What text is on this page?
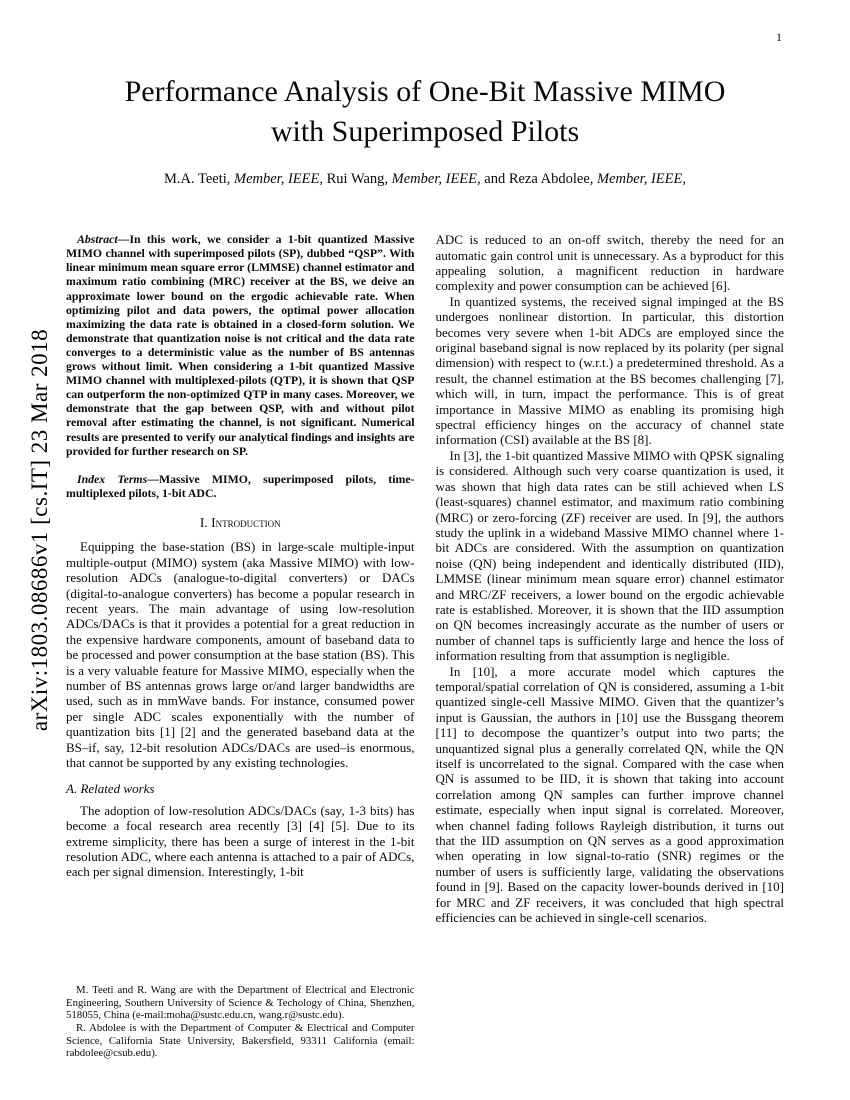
1
arXiv:1803.08686v1 [cs.IT] 23 Mar 2018
Performance Analysis of One-Bit Massive MIMO
with Superimposed Pilots
M.A. Teeti, Member, IEEE, Rui Wang, Member, IEEE, and Reza Abdolee, Member, IEEE,

Abstract—In this work, we consider a 1-bit quantized Massive MIMO channel with superimposed pilots (SP), dubbed “QSP”. With linear minimum mean square error (LMMSE) channel estimator and maximum ratio combining (MRC) receiver at the BS, we deive an approximate lower bound on the ergodic achievable rate. When optimizing pilot and data powers, the optimal power allocation maximizing the data rate is obtained in a closed-form solution. We demonstrate that quantization noise is not critical and the data rate converges to a deterministic value as the number of BS antennas grows without limit. When considering a 1-bit quantized Massive MIMO channel with multiplexed-pilots (QTP), it is shown that QSP can outperform the non-optimized QTP in many cases. Moreover, we demonstrate that the gap between QSP, with and without pilot removal after estimating the channel, is not significant. Numerical results are presented to verify our analytical findings and insights are provided for further research on SP.

Index Terms—Massive MIMO, superimposed pilots, time-multiplexed pilots, 1-bit ADC.

I. Introduction

Equipping the base-station (BS) in large-scale multiple-input multiple-output (MIMO) system (aka Massive MIMO) with low-resolution ADCs (analogue-to-digital converters) or DACs (digital-to-analogue converters) has become a popular research in recent years. The main advantage of using low-resolution ADCs/DACs is that it provides a potential for a great reduction in the expensive hardware components, amount of baseband data to be processed and power consumption at the base station (BS). This is a very valuable feature for Massive MIMO, especially when the number of BS antennas grows large or/and larger bandwidths are used, such as in mmWave bands. For instance, consumed power per single ADC scales exponentially with the number of quantization bits [1] [2] and the generated baseband data at the BS–if, say, 12-bit resolution ADCs/DACs are used–is enormous, that cannot be supported by any existing technologies.

A. Related works

The adoption of low-resolution ADCs/DACs (say, 1-3 bits) has become a focal research area recently [3] [4] [5]. Due to its extreme simplicity, there has been a surge of interest in the 1-bit resolution ADC, where each antenna is attached to a pair of ADCs, each per signal dimension. Interestingly, 1-bit

M. Teeti and R. Wang are with the Department of Electrical and Electronic Engineering, Southern University of Science & Techology of China, Shenzhen, 518055, China (e-mail:moha@sustc.edu.cn, wang.r@sustc.edu).

R. Abdolee is with the Department of Computer & Electrical and Computer Science, California State University, Bakersfield, 93311 California (email: rabdolee@csub.edu).

ADC is reduced to an on-off switch, thereby the need for an automatic gain control unit is unnecessary. As a byproduct for this appealing solution, a magnificent reduction in hardware complexity and power consumption can be achieved [6].

In quantized systems, the received signal impinged at the BS undergoes nonlinear distortion. In particular, this distortion becomes very severe when 1-bit ADCs are employed since the original baseband signal is now replaced by its polarity (per signal dimension) with respect to (w.r.t.) a predetermined threshold. As a result, the channel estimation at the BS becomes challenging [7], which will, in turn, impact the performance. This is of great importance in Massive MIMO as enabling its promising high spectral efficiency hinges on the accuracy of channel state information (CSI) available at the BS [8].

In [3], the 1-bit quantized Massive MIMO with QPSK signaling is considered. Although such very coarse quantization is used, it was shown that high data rates can be still achieved when LS (least-squares) channel estimator, and maximum ratio combining (MRC) or zero-forcing (ZF) receiver are used. In [9], the authors study the uplink in a wideband Massive MIMO channel where 1-bit ADCs are considered. With the assumption on quantization noise (QN) being independent and identically distributed (IID), LMMSE (linear minimum mean square error) channel estimator and MRC/ZF receivers, a lower bound on the ergodic achievable rate is established. Moreover, it is shown that the IID assumption on QN becomes increasingly accurate as the number of users or number of channel taps is sufficiently large and hence the loss of information resulting from that assumption is negligible.

In [10], a more accurate model which captures the temporal/spatial correlation of QN is considered, assuming a 1-bit quantized single-cell Massive MIMO. Given that the quantizer’s input is Gaussian, the authors in [10] use the Bussgang theorem [11] to decompose the quantizer’s output into two parts; the unquantized signal plus a generally correlated QN, while the QN itself is uncorrelated to the signal. Compared with the case when QN is assumed to be IID, it is shown that taking into account correlation among QN samples can further improve channel estimate, especially when input signal is correlated. Moreover, when channel fading follows Rayleigh distribution, it turns out that the IID assumption on QN serves as a good approximation when operating in low signal-to-ratio (SNR) regimes or the number of users is sufficiently large, validating the observations found in [9]. Based on the capacity lower-bounds derived in [10] for MRC and ZF receivers, it was concluded that high spectral efficiencies can be achieved in single-cell scenarios.
